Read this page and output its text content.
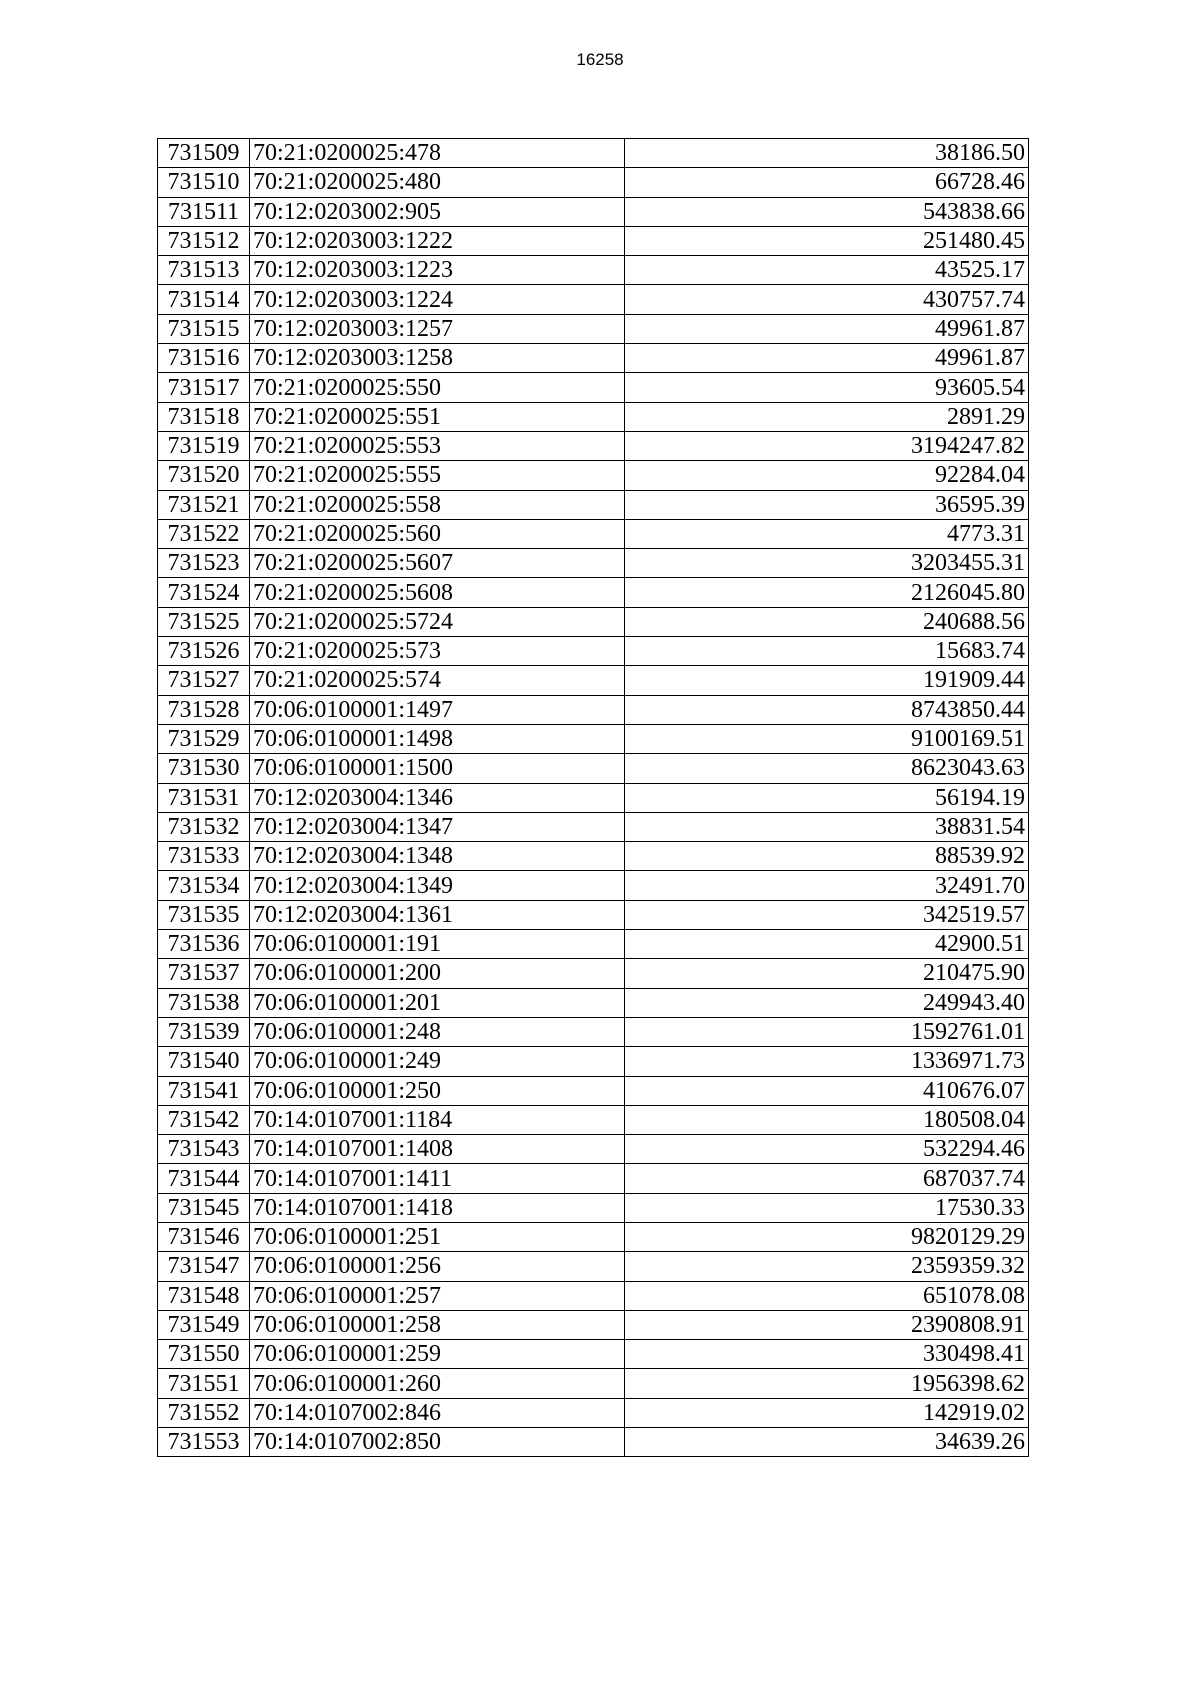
16258
731509	70:21:0200025:478	38186.50
731510	70:21:0200025:480	66728.46
731511	70:12:0203002:905	543838.66
731512	70:12:0203003:1222	251480.45
731513	70:12:0203003:1223	43525.17
731514	70:12:0203003:1224	430757.74
731515	70:12:0203003:1257	49961.87
731516	70:12:0203003:1258	49961.87
731517	70:21:0200025:550	93605.54
731518	70:21:0200025:551	2891.29
731519	70:21:0200025:553	3194247.82
731520	70:21:0200025:555	92284.04
731521	70:21:0200025:558	36595.39
731522	70:21:0200025:560	4773.31
731523	70:21:0200025:5607	3203455.31
731524	70:21:0200025:5608	2126045.80
731525	70:21:0200025:5724	240688.56
731526	70:21:0200025:573	15683.74
731527	70:21:0200025:574	191909.44
731528	70:06:0100001:1497	8743850.44
731529	70:06:0100001:1498	9100169.51
731530	70:06:0100001:1500	8623043.63
731531	70:12:0203004:1346	56194.19
731532	70:12:0203004:1347	38831.54
731533	70:12:0203004:1348	88539.92
731534	70:12:0203004:1349	32491.70
731535	70:12:0203004:1361	342519.57
731536	70:06:0100001:191	42900.51
731537	70:06:0100001:200	210475.90
731538	70:06:0100001:201	249943.40
731539	70:06:0100001:248	1592761.01
731540	70:06:0100001:249	1336971.73
731541	70:06:0100001:250	410676.07
731542	70:14:0107001:1184	180508.04
731543	70:14:0107001:1408	532294.46
731544	70:14:0107001:1411	687037.74
731545	70:14:0107001:1418	17530.33
731546	70:06:0100001:251	9820129.29
731547	70:06:0100001:256	2359359.32
731548	70:06:0100001:257	651078.08
731549	70:06:0100001:258	2390808.91
731550	70:06:0100001:259	330498.41
731551	70:06:0100001:260	1956398.62
731552	70:14:0107002:846	142919.02
731553	70:14:0107002:850	34639.26
